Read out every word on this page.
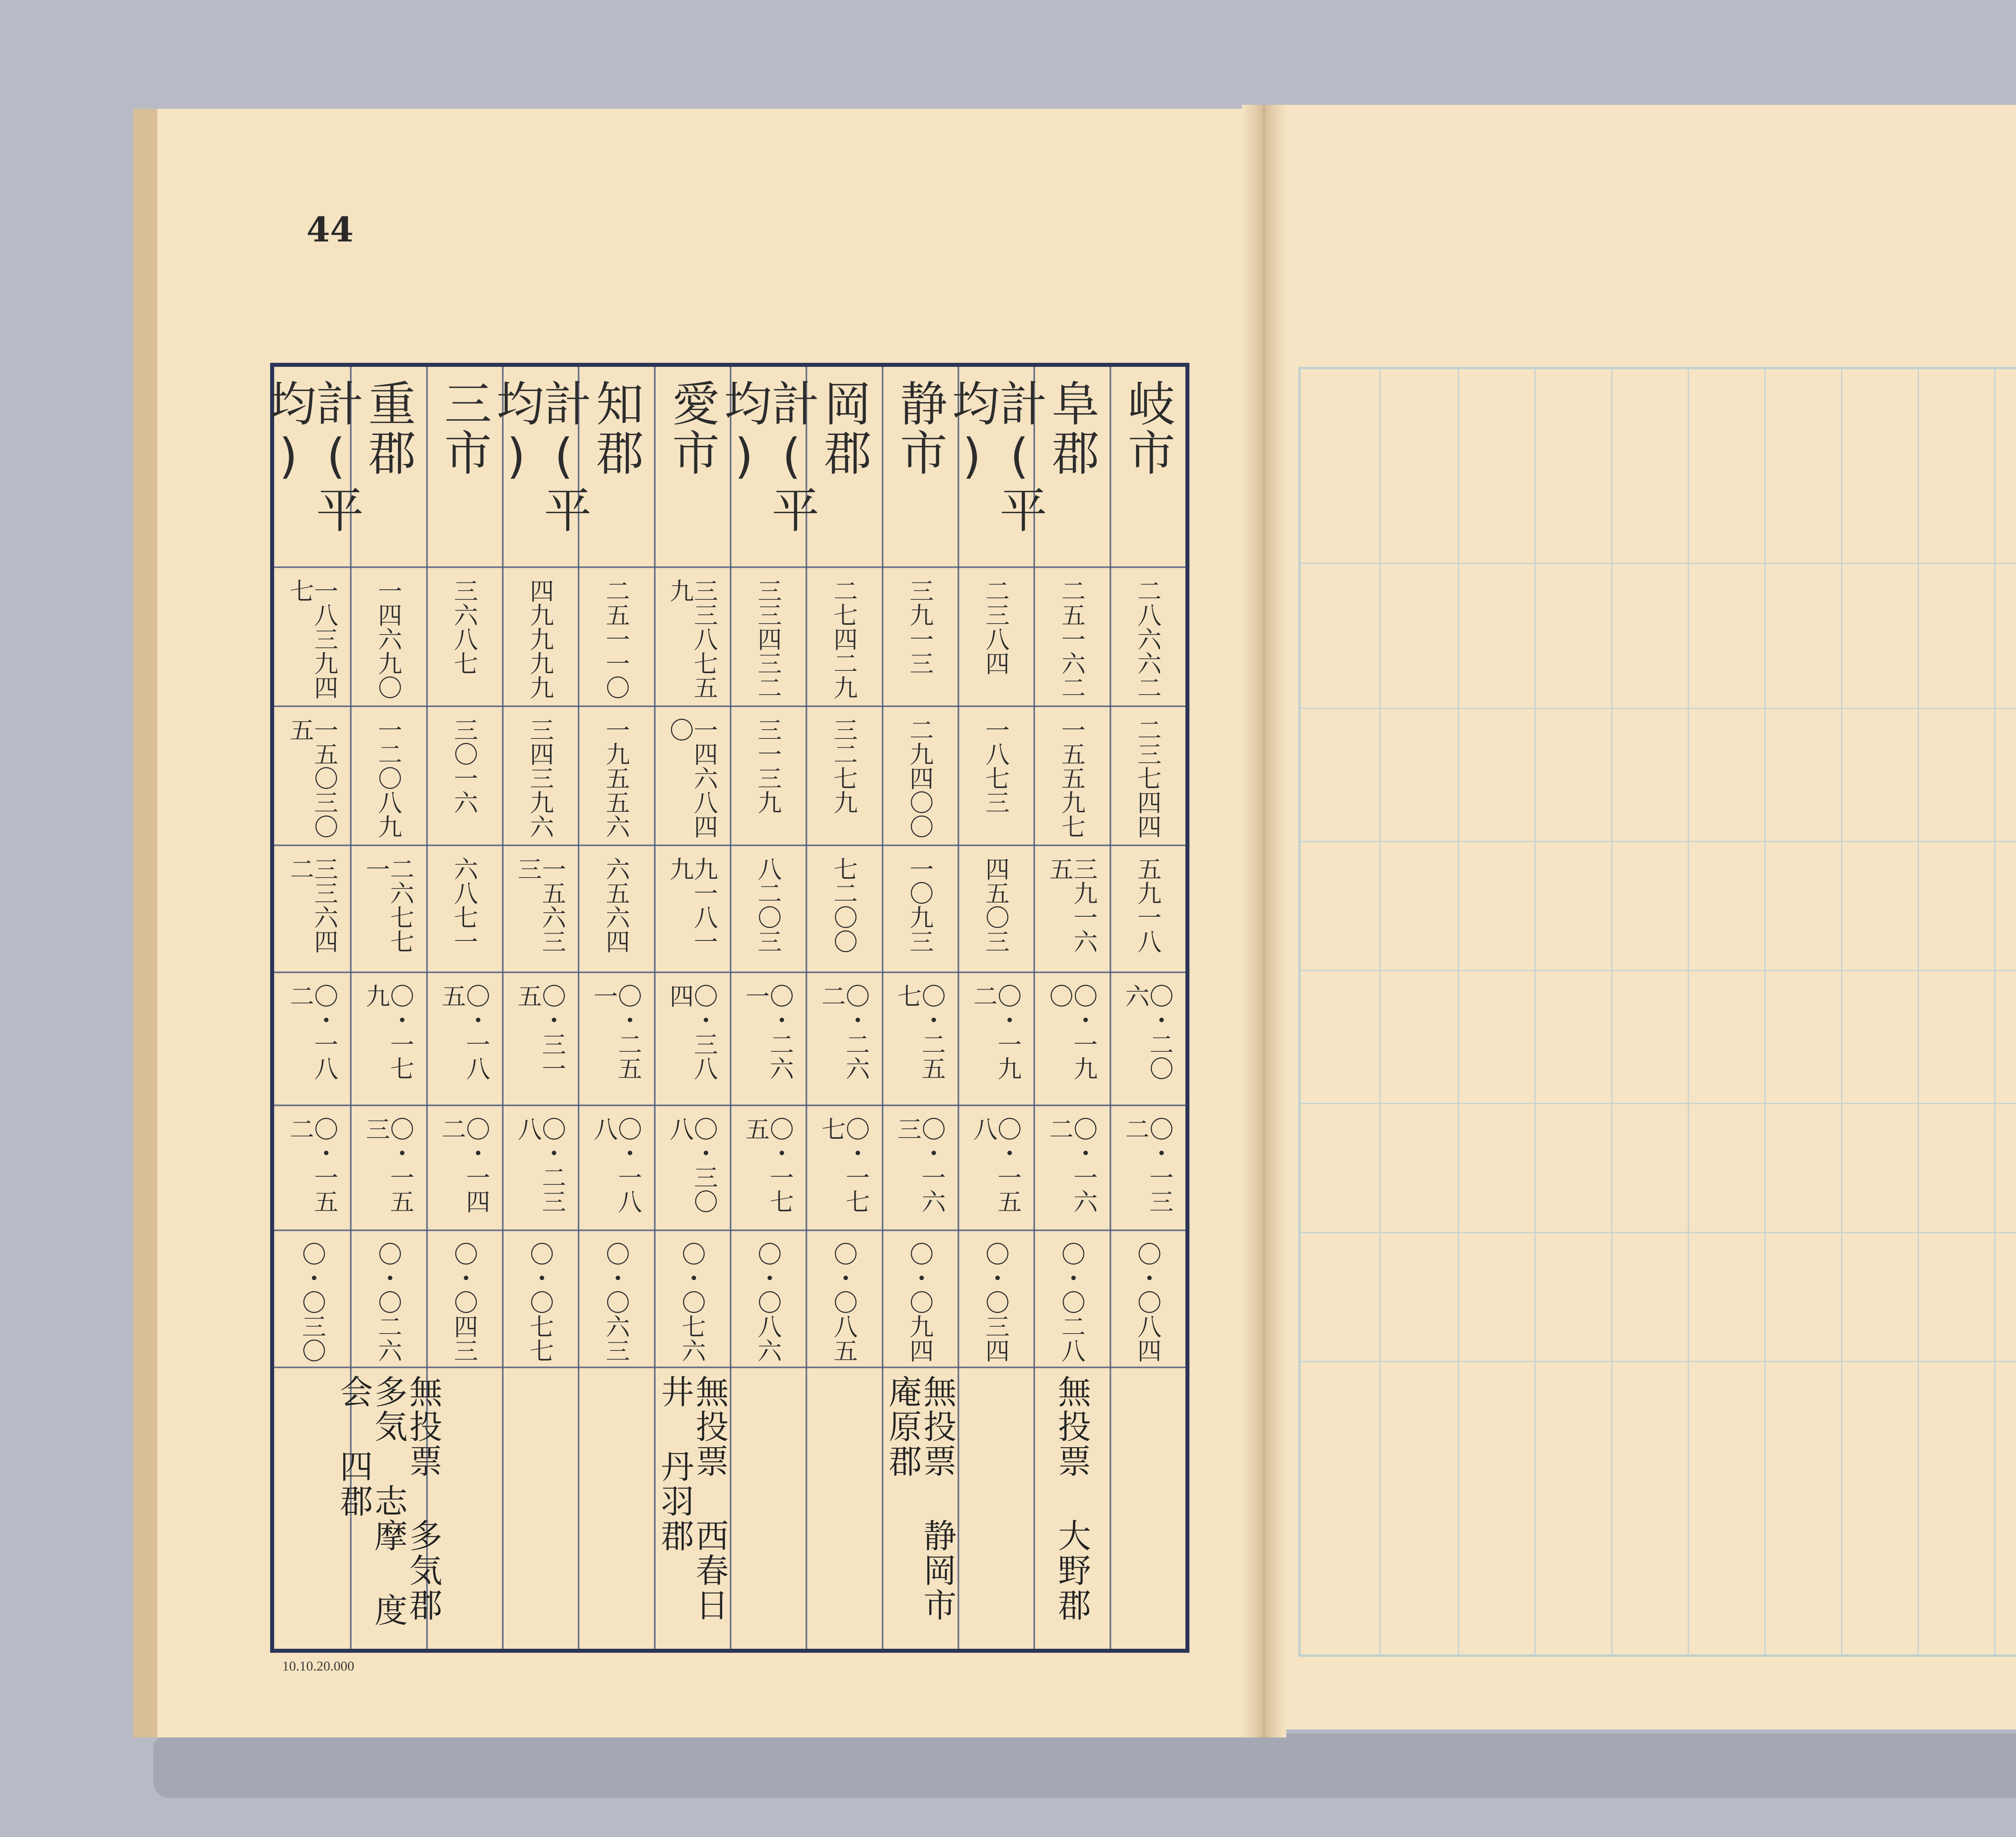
44
10.10.20.000
岐市
二八六六二
二三七四四
五九一八
〇・二〇六
〇・一三二
〇・〇八四
阜郡
二五一六二
一五五九七
三九一六五
〇・一九〇
〇・一六二
〇・〇二八
無投票 大野郡
計(平均)
二三八四
一八七三
四五〇三
〇・一九二
〇・一五八
〇・〇三四
静市
三九一三
二九四〇〇
一〇九三
〇・二五七
〇・一六三
〇・〇九四
無投票 静岡市 庵原郡
岡郡
二七四二九
三二七九
七二〇〇
〇・二六二
〇・一七七
〇・〇八五
計(平均)
三三四三二
三一三九
八二〇三
〇・二六一
〇・一七五
〇・〇八六
愛市
三三八七五九
一四六八四〇
九一八一九
〇・三八四
〇・三〇八
〇・〇七六
無投票 西春日井 丹羽郡
知郡
二五一一〇
一九五五六
六五六四
〇・二五一
〇・一八八
〇・〇六三
計(平均)
四九九九九
三四三九六
一五六三三
〇・三一五
〇・二三八
〇・〇七七
三市
三六八七
三〇一六
六八七一
〇・一八五
〇・一四二
〇・〇四三
重郡
一四六九〇
一二〇八九
二六七七一
〇・一七九
〇・一五三
〇・〇二六
無投票 多気郡 多気 志摩 度会 四郡
計(平均)
一八三九四七
一五〇三〇五
三三六四二
〇・一八二
〇・一五二
〇・〇三〇
